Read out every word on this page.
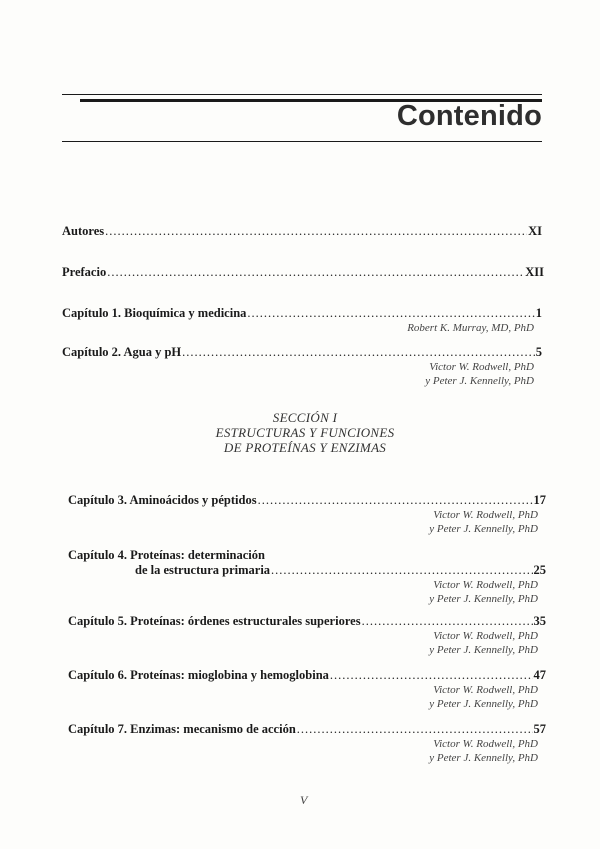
Contenido
Autores .....	XI
Prefacio .....	XII
Capítulo 1. Bioquímica y medicina .....	1
Robert K. Murray, MD, PhD
Capítulo 2. Agua y pH .....	5
Victor W. Rodwell, PhD
y Peter J. Kennelly, PhD
SECCIÓN I
ESTRUCTURAS Y FUNCIONES
DE PROTEÍNAS Y ENZIMAS
Capítulo 3. Aminoácidos y péptidos .....	17
Victor W. Rodwell, PhD
y Peter J. Kennelly, PhD
Capítulo 4. Proteínas: determinación
de la estructura primaria .....	25
Victor W. Rodwell, PhD
y Peter J. Kennelly, PhD
Capítulo 5. Proteínas: órdenes estructurales superiores .....	35
Victor W. Rodwell, PhD
y Peter J. Kennelly, PhD
Capítulo 6. Proteínas: mioglobina y hemoglobina .....	47
Victor W. Rodwell, PhD
y Peter J. Kennelly, PhD
Capítulo 7. Enzimas: mecanismo de acción .....	57
Victor W. Rodwell, PhD
y Peter J. Kennelly, PhD
V
